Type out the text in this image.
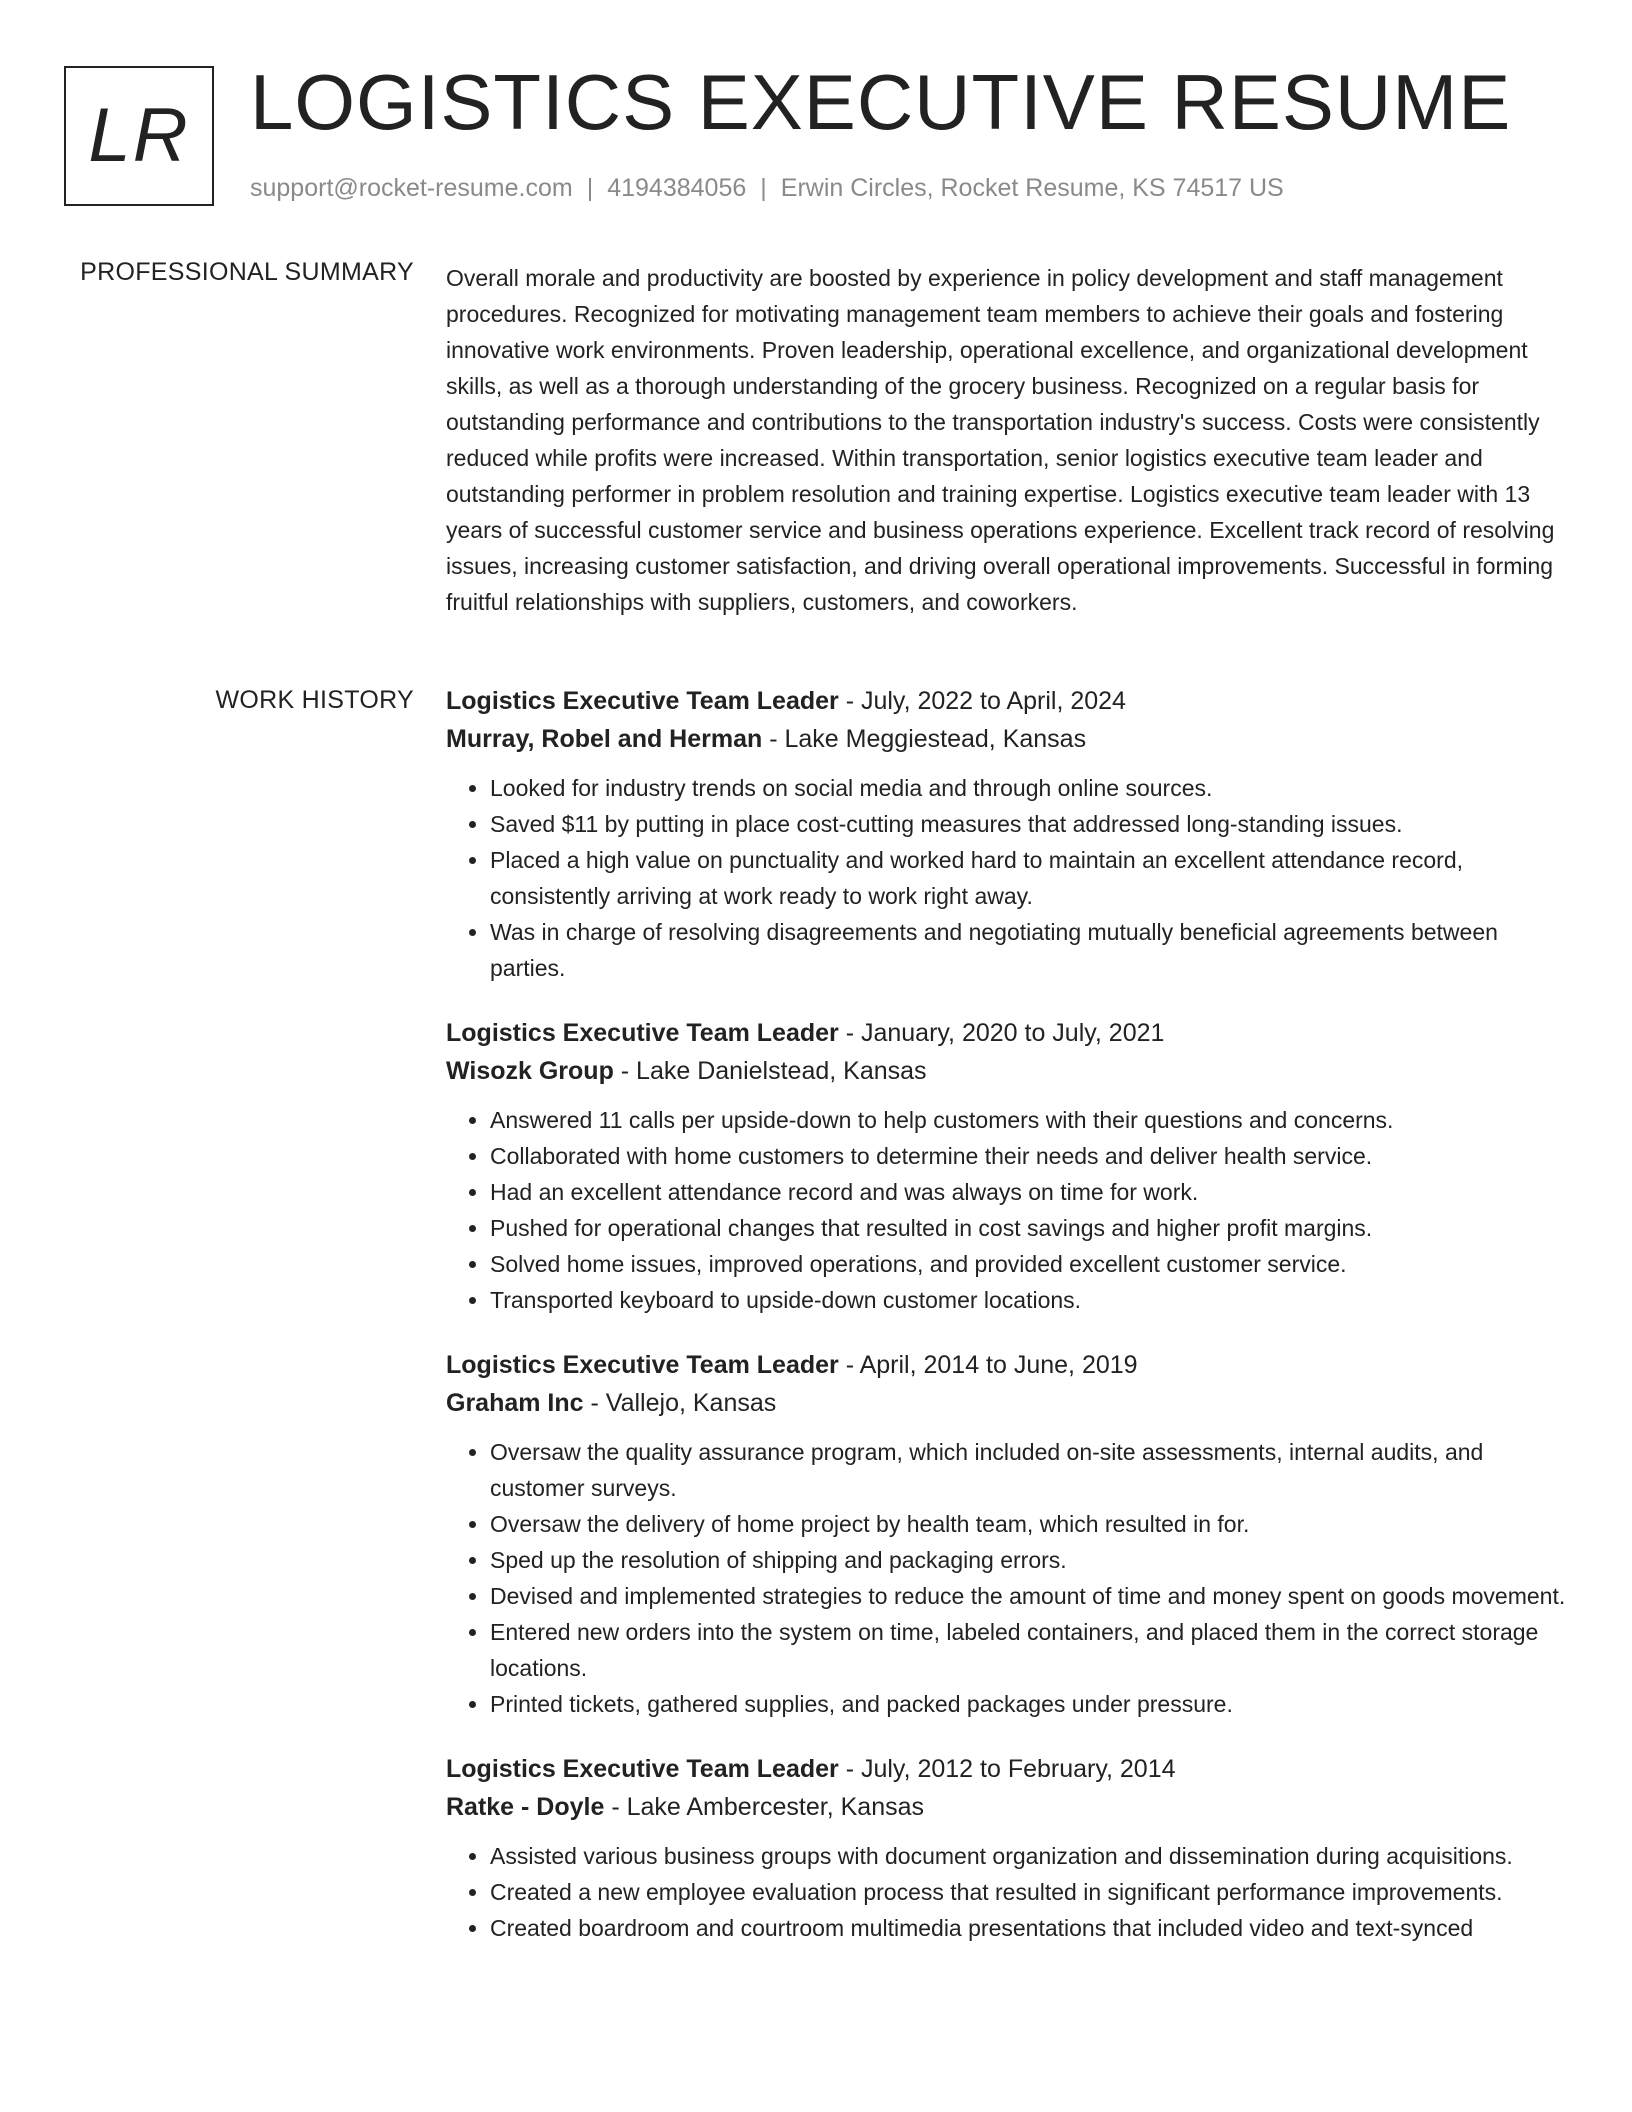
LR LOGISTICS EXECUTIVE RESUME
support@rocket-resume.com | 4194384056 | Erwin Circles, Rocket Resume, KS 74517 US
PROFESSIONAL SUMMARY Overall morale and productivity are boosted by experience in policy development and staff management procedures. Recognized for motivating management team members to achieve their goals and fostering innovative work environments. Proven leadership, operational excellence, and organizational development skills, as well as a thorough understanding of the grocery business. Recognized on a regular basis for outstanding performance and contributions to the transportation industry's success. Costs were consistently reduced while profits were increased. Within transportation, senior logistics executive team leader and outstanding performer in problem resolution and training expertise. Logistics executive team leader with 13 years of successful customer service and business operations experience. Excellent track record of resolving issues, increasing customer satisfaction, and driving overall operational improvements. Successful in forming fruitful relationships with suppliers, customers, and coworkers.

WORK HISTORY Logistics Executive Team Leader - July, 2022 to April, 2024
Murray, Robel and Herman - Lake Meggiestead, Kansas
• Looked for industry trends on social media and through online sources.
• Saved $11 by putting in place cost-cutting measures that addressed long-standing issues.
• Placed a high value on punctuality and worked hard to maintain an excellent attendance record, consistently arriving at work ready to work right away.
• Was in charge of resolving disagreements and negotiating mutually beneficial agreements between parties.
Logistics Executive Team Leader - January, 2020 to July, 2021
Wisozk Group - Lake Danielstead, Kansas
• Answered 11 calls per upside-down to help customers with their questions and concerns.
• Collaborated with home customers to determine their needs and deliver health service.
• Had an excellent attendance record and was always on time for work.
• Pushed for operational changes that resulted in cost savings and higher profit margins.
• Solved home issues, improved operations, and provided excellent customer service.
• Transported keyboard to upside-down customer locations.
Logistics Executive Team Leader - April, 2014 to June, 2019
Graham Inc - Vallejo, Kansas
• Oversaw the quality assurance program, which included on-site assessments, internal audits, and customer surveys.
• Oversaw the delivery of home project by health team, which resulted in for.
• Sped up the resolution of shipping and packaging errors.
• Devised and implemented strategies to reduce the amount of time and money spent on goods movement.
• Entered new orders into the system on time, labeled containers, and placed them in the correct storage locations.
• Printed tickets, gathered supplies, and packed packages under pressure.
Logistics Executive Team Leader - July, 2012 to February, 2014
Ratke - Doyle - Lake Ambercester, Kansas
• Assisted various business groups with document organization and dissemination during acquisitions.
• Created a new employee evaluation process that resulted in significant performance improvements.
• Created boardroom and courtroom multimedia presentations that included video and text-synced
